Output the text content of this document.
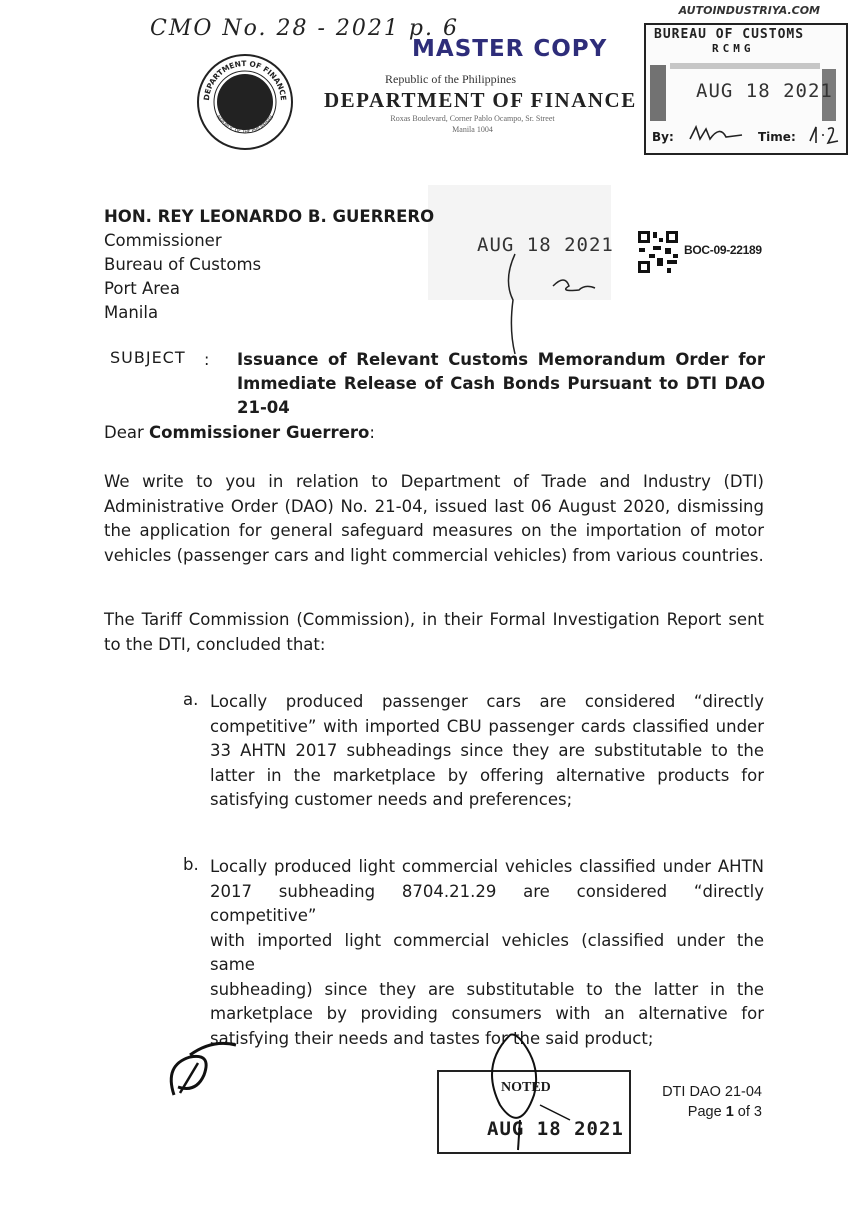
AUTOINDUSTRIYA.COM
CMO No. 28 - 2021 p. 6
DEPARTMENT OF FINANCE
REPUBLIC OF THE PHILIPPINES
MASTER COPY
Republic of the Philippines
DEPARTMENT OF FINANCE
Roxas Boulevard, Corner Pablo Ocampo, Sr. Street
Manila 1004
BUREAU OF CUSTOMS
RCMG
AUG 18 2021
By:	Time:
AUG 18 2021	BOC-09-22189
HON. REY LEONARDO B. GUERRERO
Commissioner
Bureau of Customs
Port Area
Manila
SUBJECT : Issuance of Relevant Customs Memorandum Order for
Immediate Release of Cash Bonds Pursuant to DTI DAO 21-04
Dear Commissioner Guerrero:
We write to you in relation to Department of Trade and Industry (DTI)
Administrative Order (DAO) No. 21-04, issued last 06 August 2020, dismissing
the application for general safeguard measures on the importation of motor
vehicles (passenger cars and light commercial vehicles) from various countries.
The Tariff Commission (Commission), in their Formal Investigation Report sent
to the DTI, concluded that:
a. Locally produced passenger cars are considered “directly
competitive” with imported CBU passenger cards classified under
33 AHTN 2017 subheadings since they are substitutable to the
latter in the marketplace by offering alternative products for
satisfying customer needs and preferences;
b. Locally produced light commercial vehicles classified under AHTN
2017 subheading 8704.21.29 are considered “directly competitive”
with imported light commercial vehicles (classified under the same
subheading) since they are substitutable to the latter in the
marketplace by providing consumers with an alternative for
satisfying their needs and tastes for the said product;
NOTED
AUG 18 2021
DTI DAO 21-04
Page 1 of 3
